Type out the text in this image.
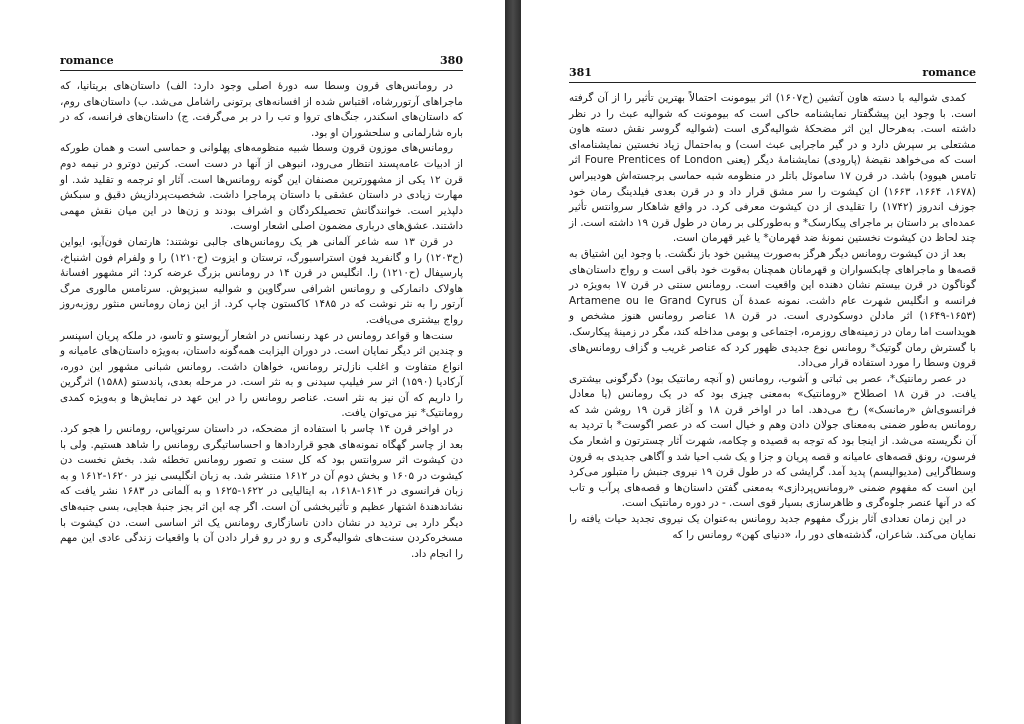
romance	380

در رومانس‌های قرون وسطا سه دورهٔ اصلی وجود دارد: الف) داستان‌های بریتانیا، که ماجراهای آرتوررشاه، اقتباس شده از افسانه‌های برتونی راشامل می‌شد. ب) داستان‌های روم، که داستان‌های اسکندر، جنگ‌های تروا و تب را در بر می‌گرفت. ج) داستان‌های فرانسه، که در باره شارلمانی و سلحشوران او بود.

رومانس‌های موزون قرون وسطا شبیه منظومه‌های پهلوانی و حماسی است و همان طورکه از ادبیات عامه‌پسند انتظار می‌رود، انبوهی از آنها در دست است. کرتین دوترو در نیمه دوم قرن ۱۲ یکی از مشهورترین مصنفان این گونه رومانس‌ها است. آثار او ترجمه و تقلید شد. او مهارت زیادی در داستان عشقی با داستان پرماجرا داشت. شخصیت‌پردازیش دقیق و سبکش دلپذیر است. خوانندگانش تحصیلکردگان و اشراف بودند و زن‌ها در این میان نقش مهمی داشتند. عشق‌های درباری مضمون اصلی اشعار اوست.

در قرن ۱۳ سه شاعر آلمانی هر یک رومانس‌های جالبی نوشتند: هارتمان فون‌آیو، ایواین (ح۱۲۰۳) را و گانفرید فون استراسبورگ، ترستان و ایزوت (ح۱۲۱۰) را و ولفرام فون اشنباخ، پارسیفال (ح۱۲۱۰) را. انگلیس در قرن ۱۴ در رومانس بزرگ عرضه کرد: اثر مشهور افسانهٔ هاولاک دانمارکی و رومانس اشرافی سرگاوین و شوالیه سبزپوش. سرتامس مالوری مرگ آرتور را به نثر نوشت که در ۱۴۸۵ کاکستون چاپ کرد. از این زمان رومانس منثور روزبه‌روز رواج بیشتری می‌یافت.

سنت‌ها و قواعد رومانس در عهد رنسانس در اشعار آریوستو و تاسو، در ملکه پریان اسپنسر و چندین اثر دیگر نمایان است. در دوران الیزابت همه‌گونه داستان، به‌ویژه داستان‌های عامیانه و انواع متفاوت و اغلب نازل‌تر رومانس، خواهان داشت. رومانس شبانی مشهور این دوره، آرکادیا (۱۵۹۰) اثر سر فیلیپ سیدنی و به نثر است. در مرحله بعدی، پاندستو (۱۵۸۸) اثرگرین را داریم که آن نیز به نثر است. عناصر رومانس را در این عهد در نمایش‌ها و به‌ویژه کمدی رومانتیک* نیز می‌توان یافت.

در اواخر قرن ۱۴ چاسر با استفاده از مضحکه، در داستان سرتوپاس، رومانس را هجو کرد. بعد از چاسر گهگاه نمونه‌های هجو قراردادها و احساساتیگری رومانس را شاهد هستیم. ولی با دن کیشوت اثر سروانتس بود که کل سنت و تصور رومانس تخطئه شد. بخش نخست دن کیشوت در ۱۶۰۵ و بخش دوم آن در ۱۶۱۲ منتشر شد. به زبان انگلیسی نیز در ۱۶۲۰-۱۶۱۲ و به زبان فرانسوی در ۱۶۱۴-۱۶۱۸، به ایتالیایی در ۱۶۲۲-۱۶۲۵ و به آلمانی در ۱۶۸۳ نشر یافت که نشاندهندهٔ اشتهار عظیم و تأثیربخشی آن است. اگر چه این اثر بجز جنبهٔ هجایی، بسی جنبه‌های دیگر دارد بی تردید در نشان دادن ناسازگاری رومانس یک اثر اساسی است. دن کیشوت با مسخره‌کردن سنت‌های شوالیه‌گری و رو در رو قرار دادن آن با واقعیات زندگی عادی این مهم را انجام داد.

381	romance

کمدی شوالیه با دسته هاون آتشین (ح۱۶۰۷) اثر بیومونت احتمالاً بهترین تأثیر را از آن گرفته است. با وجود این پیشگفتار نمایشنامه حاکی است که بیومونت که شوالیه عبث را در نظر داشته است. به‌هرحال این اثر مضحکهٔ شوالیه‌گری است (شوالیه گروسر نقش دسته هاون مشتعلی بر سپرش دارد و در گیر ماجرایی عبث است) و به‌احتمال زیاد نخستین نمایشنامه‌ای است که می‌خواهد نقیضهٔ (پارودی) نمایشنامهٔ دیگر (یعنی Foure Prentices of London اثر تامس هیوود) باشد. در قرن ۱۷ ساموئل باتلر در منظومه شبه حماسی برجسته‌اش هودیبراس (۱۶۷۸، ۱۶۶۴، ۱۶۶۳) ان کیشوت را سر مشق قرار داد و در قرن بعدی فیلدینگ رمان خود جوزف اندروز (۱۷۴۲) را تقلیدی از دن کیشوت معرفی کرد. در واقع شاهکار سروانتس تأثیر عمده‌ای بر داستان بر ماجرای پیکارسک* و به‌طورکلی بر رمان در طول قرن ۱۹ داشته است. از چند لحاظ دن کیشوت نخستین نمونهٔ ضد قهرمان* یا غیر قهرمان است.

بعد از دن کیشوت رومانس دیگر هرگز به‌صورت پیشین خود باز نگشت. با وجود این اشتیاق به قصه‌ها و ماجراهای چابکسواران و قهرمانان همچنان به‌قوت خود باقی است و رواج داستان‌های گوناگون در قرن بیستم نشان دهنده این واقعیت است. رومانس سنتی در قرن ۱۷ به‌ویژه در فرانسه و انگلیس شهرت عام داشت. نمونه عمدهٔ آن Artamene ou le Grand Cyrus (۱۶۴۹-۱۶۵۳) اثر مادلن دوسکودری است. در قرن ۱۸ عناصر رومانس هنوز مشخص و هویداست اما رمان در زمینه‌های روزمره، اجتماعی و بومی مداخله کند، مگر در زمینهٔ پیکارسک. با گسترش رمان گوتیک* رومانس نوع جدیدی ظهور کرد که عناصر غریب و گزاف رومانس‌های قرون وسطا را مورد استفاده قرار می‌داد.

در عصر رمانتیک*، عصر بی ثباتی و آشوب، رومانس (و آنچه رمانتیک بود) دگرگونی بیشتری یافت. در قرن ۱۸ اصطلاح «رومانتیک» به‌معنی چیزی بود که در یک رومانس (یا معادل فرانسوی‌اش «رمانسک») رخ می‌دهد. اما در اواخر قرن ۱۸ و آغاز قرن ۱۹ روشن شد که رومانس به‌طور ضمنی به‌معنای جولان دادن وهم و خیال است که در عصر اگوست* با تردید به آن نگریسته می‌شد. از اینجا بود که توجه به قصیده و چکامه، شهرت آثار چسترتون و اشعار مک فرسون، رونق قصه‌های عامیانه و قصه پریان و جزا و یک شب احیا شد و آگاهی جدیدی به قرون وسطاگرایی (مدیوالیسم) پدید آمد. گرایشی که در طول قرن ۱۹ نیروی جنبش را متبلور می‌کرد این است که مفهوم ضمنی «رومانس‌پردازی» به‌معنی گفتن داستان‌ها و قصه‌های پرآب و تاب که در آنها عنصر جلوه‌گری و ظاهرسازی بسیار قوی است. - در دوره رمانتیک است.

در این زمان تعدادی آثار بزرگ مفهوم جدید رومانس به‌عنوان یک نیروی تجدید حیات یافته را نمایان می‌کند. شاعران، گذشته‌های دور را، «دنیای کهن» رومانس را که
